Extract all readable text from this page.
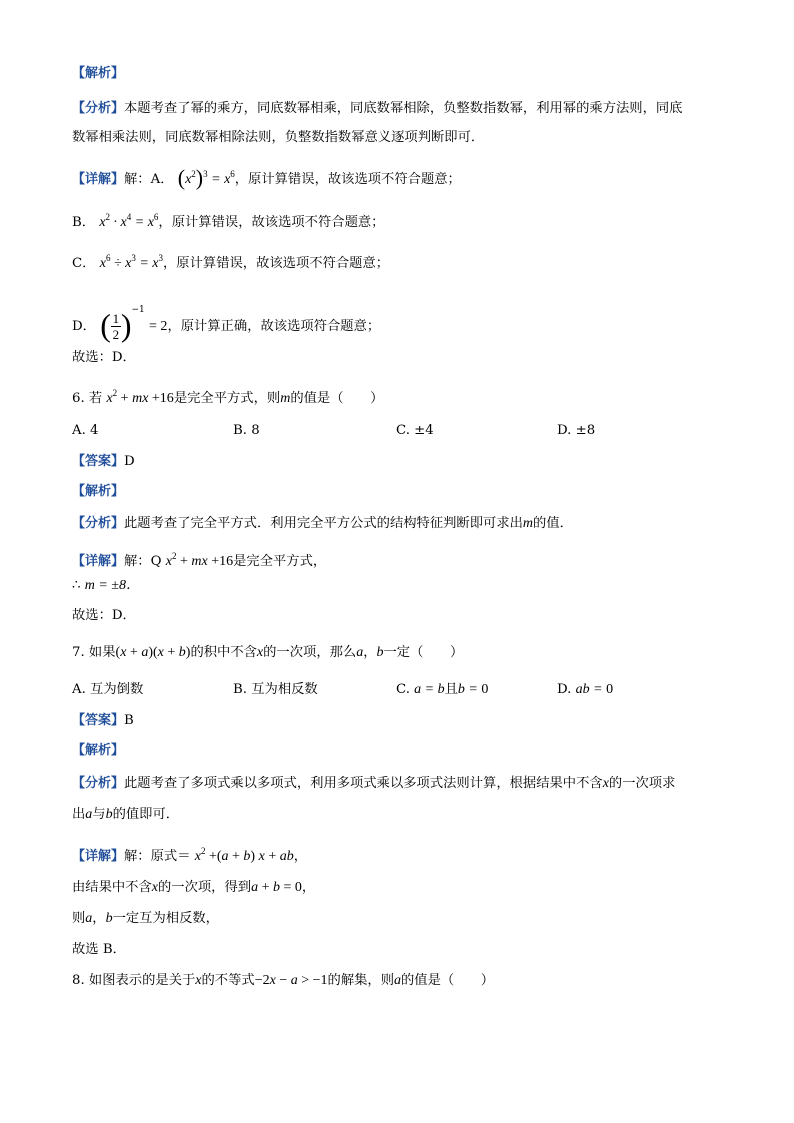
【解析】
【分析】本题考查了幂的乘方，同底数幂相乘，同底数幂相除，负整数指数幂，利用幂的乘方法则，同底
数幂相乘法则，同底数幂相除法则，负整数指数幂意义逐项判断即可．
【详解】解：A． $(x^2)^3 = x^6$，原计算错误，故该选项不符合题意；
B． $x^2 \cdot x^4 = x^6$，原计算错误，故该选项不符合题意；
C． $x^6 \div x^3 = x^3$，原计算错误，故该选项不符合题意；
D． ( $\frac{1}{2} )^{-1} = 2$，原计算正确，故该选项符合题意；
故选：D．
6. 若 $x^2$ + mx +16是完全平方式，则m的值是（　　）
A. 4	B. 8	C. ±4	D. ±8
【答案】D
【解析】
【分析】此题考查了完全平方式．利用完全平方公式的结构特征判断即可求出m的值．
【详解】解：Q $x^2$ + mx +16是完全平方式，
∴ m = ±8．
故选：D．
7. 如果(x + a)(x + b)的积中不含x的一次项，那么a，b一定（　　）
A. 互为倒数	B. 互为相反数	C. a = b且b = 0	D. ab = 0
【答案】B
【解析】
【分析】此题考查了多项式乘以多项式，利用多项式乘以多项式法则计算，根据结果中不含x的一次项求
出a与b的值即可．
【详解】解：原式＝ $x^2 +(a + b) x$ + ab，
由结果中不含x的一次项，得到a + b = 0，
则a，b一定互为相反数，
故选 B．
8. 如图表示的是关于x的不等式−2x − a > −1的解集，则a的值是（　　）
